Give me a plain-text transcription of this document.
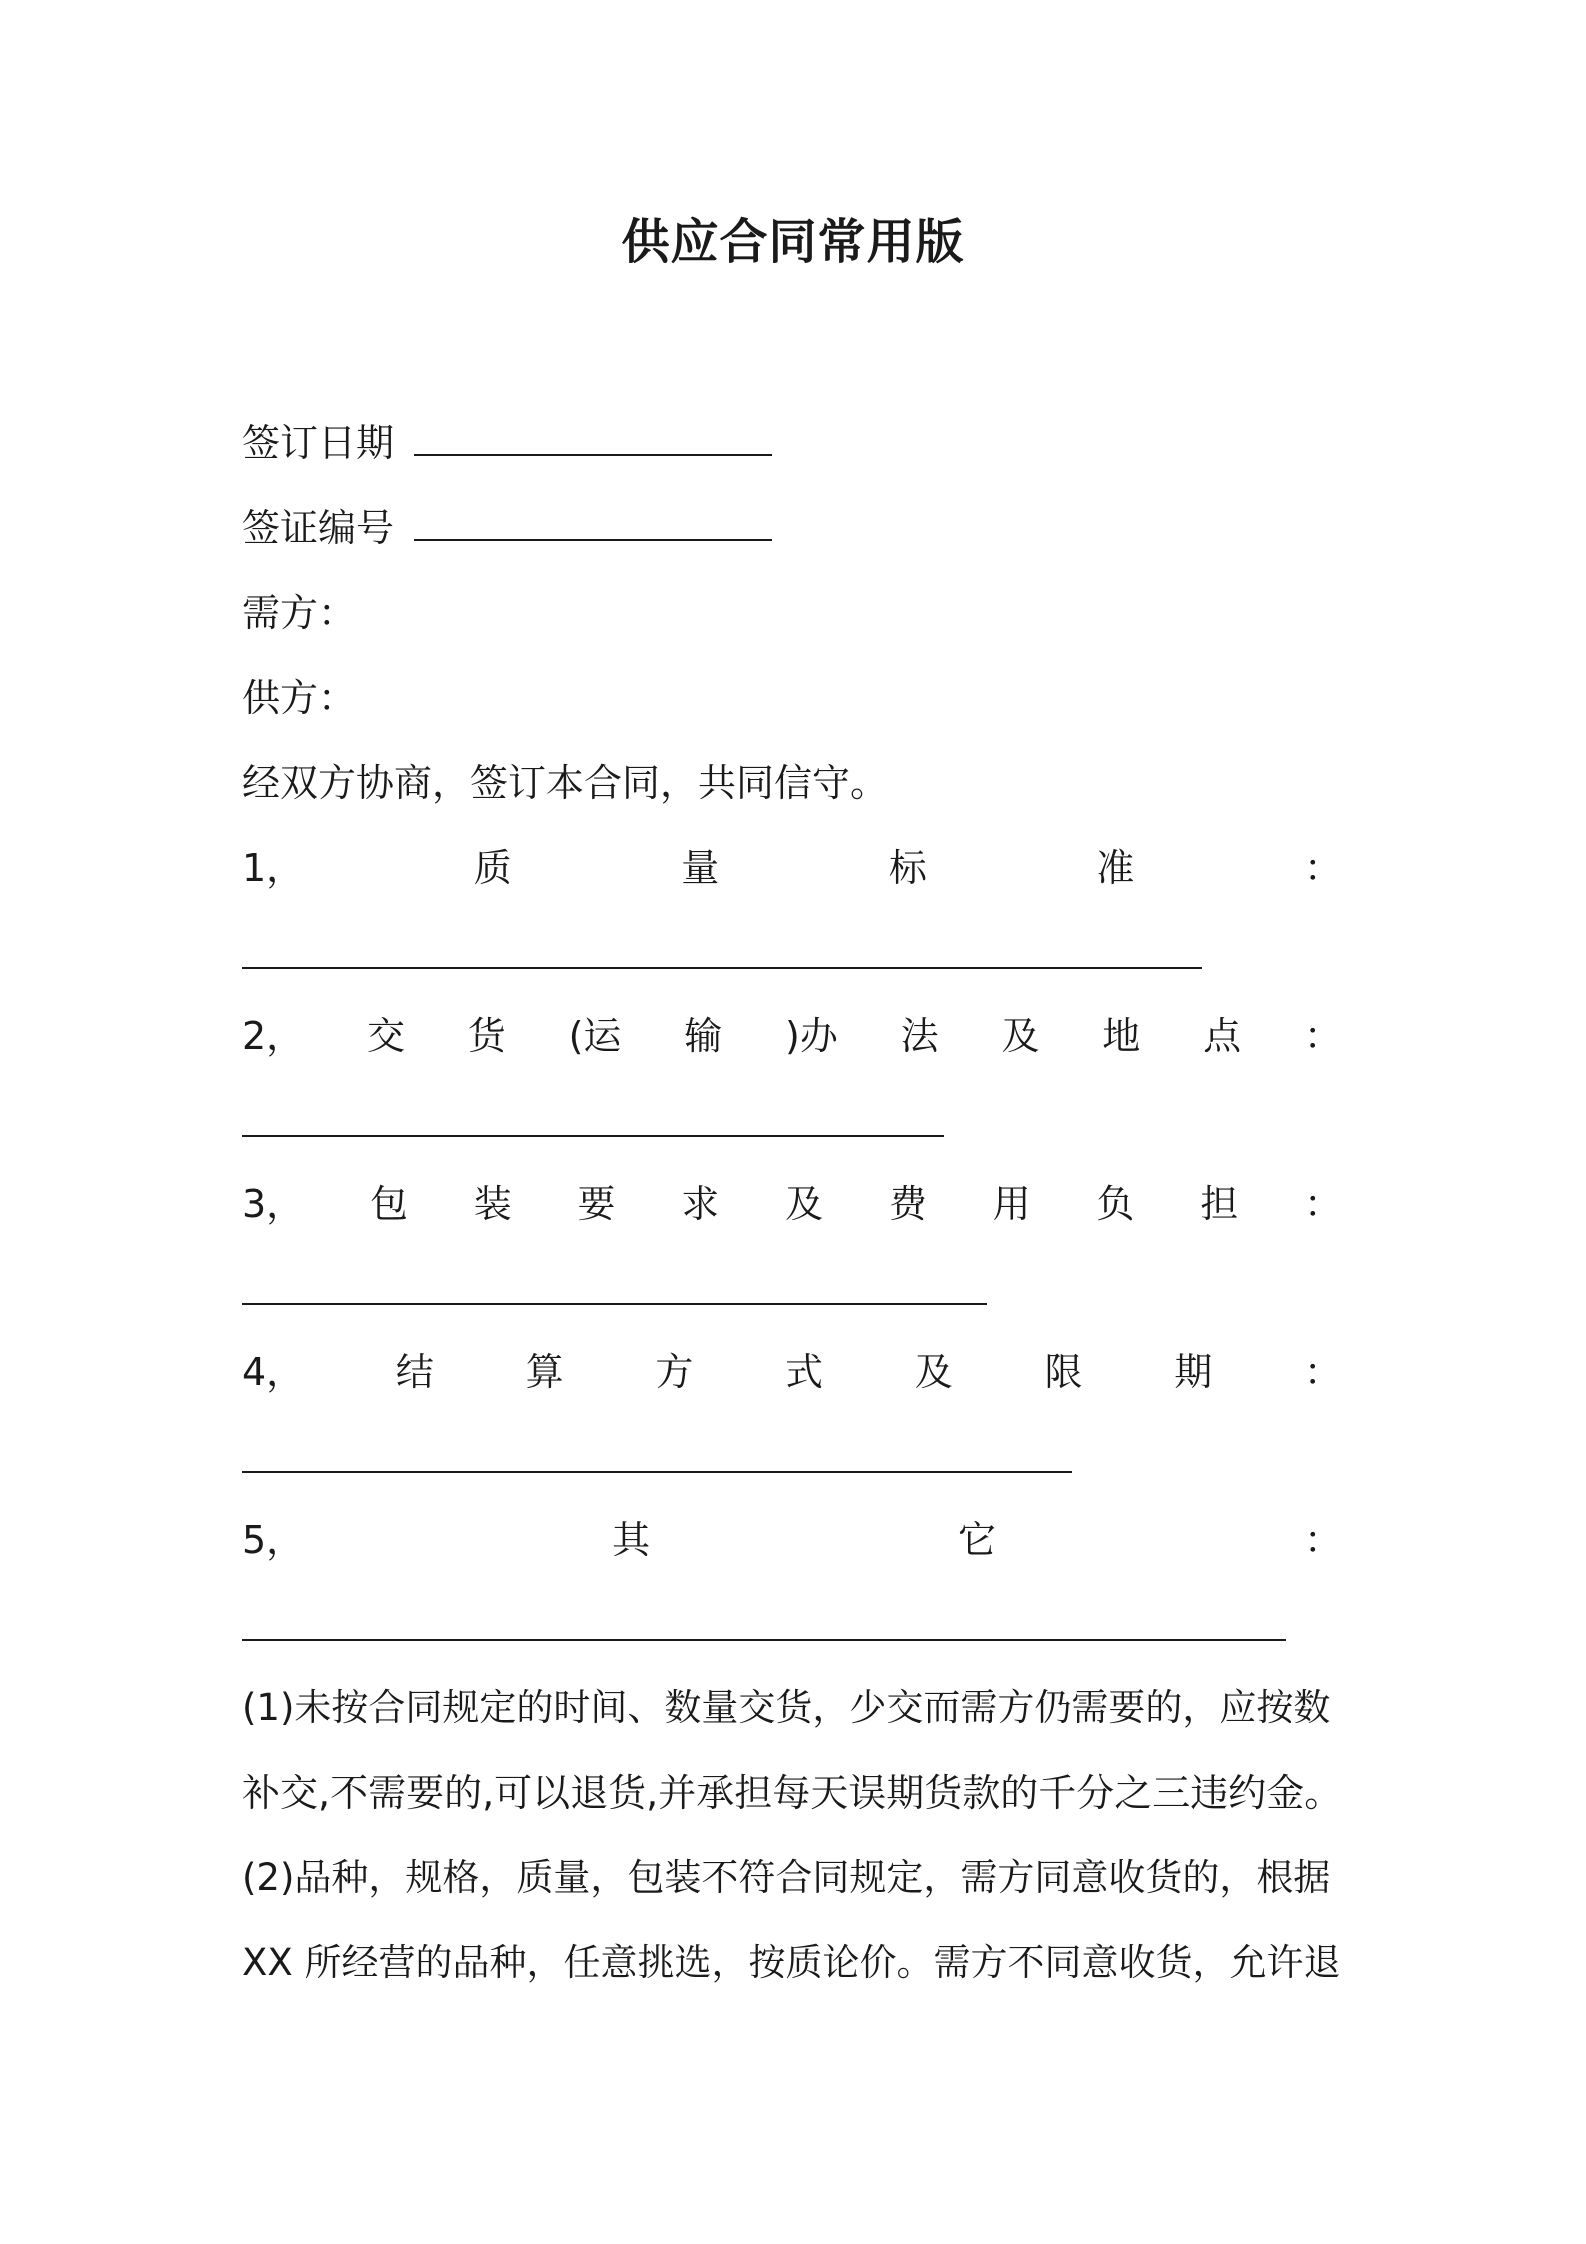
供应合同常用版
签订日期
签证编号
需方：
供方：
经双方协商，签订本合同，共同信守。
1，	质	量	标	准	：
2， 交 货 (运 输 )办 法 及 地 点 ：
3， 包 装 要 求 及 费 用 负 担 ：
4， 结 算 方 式 及 限 期 ：
5，	其	它	：
(1)未按合同规定的时间、数量交货，少交而需方仍需要的，应按数
补交,不需要的,可以退货,并承担每天误期货款的千分之三违约金。
(2)品种，规格，质量，包装不符合同规定，需方同意收货的，根据
XX 所经营的品种，任意挑选，按质论价。需方不同意收货，允许退
